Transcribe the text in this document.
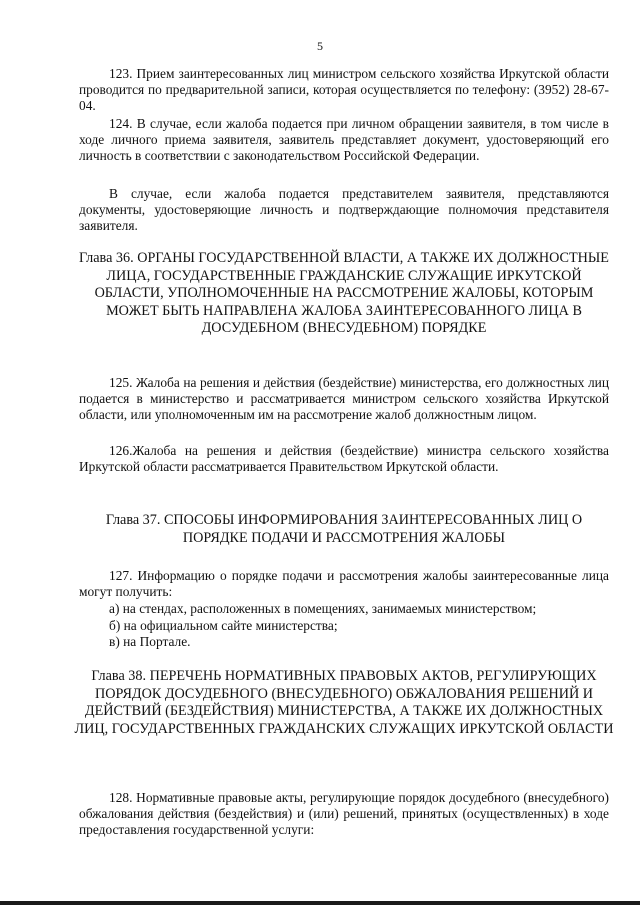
5

123. Прием заинтересованных лиц министром сельского хозяйства Иркутской области проводится по предварительной записи, которая осуществляется по телефону: (3952) 28-67-04.

124. В случае, если жалоба подается при личном обращении заявителя, в том числе в ходе личного приема заявителя, заявитель представляет документ, удостоверяющий его личность в соответствии с законодательством Российской Федерации.

В случае, если жалоба подается представителем заявителя, представляются документы, удостоверяющие личность и подтверждающие полномочия представителя заявителя.

Глава 36. ОРГАНЫ ГОСУДАРСТВЕННОЙ ВЛАСТИ, А ТАКЖЕ ИХ ДОЛЖНОСТНЫЕ ЛИЦА, ГОСУДАРСТВЕННЫЕ ГРАЖДАНСКИЕ СЛУЖАЩИЕ ИРКУТСКОЙ ОБЛАСТИ, УПОЛНОМОЧЕННЫЕ НА РАССМОТРЕНИЕ ЖАЛОБЫ, КОТОРЫМ МОЖЕТ БЫТЬ НАПРАВЛЕНА ЖАЛОБА ЗАИНТЕРЕСОВАННОГО ЛИЦА В ДОСУДЕБНОМ (ВНЕСУДЕБНОМ) ПОРЯДКЕ

125. Жалоба на решения и действия (бездействие) министерства, его должностных лиц подается в министерство и рассматривается министром сельского хозяйства Иркутской области, или уполномоченным им на рассмотрение жалоб должностным лицом.

126.Жалоба на решения и действия (бездействие) министра сельского хозяйства Иркутской области рассматривается Правительством Иркутской области.

Глава 37. СПОСОБЫ ИНФОРМИРОВАНИЯ ЗАИНТЕРЕСОВАННЫХ ЛИЦ О ПОРЯДКЕ ПОДАЧИ И РАССМОТРЕНИЯ ЖАЛОБЫ

127. Информацию о порядке подачи и рассмотрения жалобы заинтересованные лица могут получить:

а) на стендах, расположенных в помещениях, занимаемых министерством;

б) на официальном сайте министерства;

в) на Портале.

Глава 38. ПЕРЕЧЕНЬ НОРМАТИВНЫХ ПРАВОВЫХ АКТОВ, РЕГУЛИРУЮЩИХ ПОРЯДОК ДОСУДЕБНОГО (ВНЕСУДЕБНОГО) ОБЖАЛОВАНИЯ РЕШЕНИЙ И ДЕЙСТВИЙ (БЕЗДЕЙСТВИЯ) МИНИСТЕРСТВА, А ТАКЖЕ ИХ ДОЛЖНОСТНЫХ ЛИЦ, ГОСУДАРСТВЕННЫХ ГРАЖДАНСКИХ СЛУЖАЩИХ ИРКУТСКОЙ ОБЛАСТИ

128. Нормативные правовые акты, регулирующие порядок досудебного (внесудебного) обжалования действия (бездействия) и (или) решений, принятых (осуществленных) в ходе предоставления государственной услуги:
